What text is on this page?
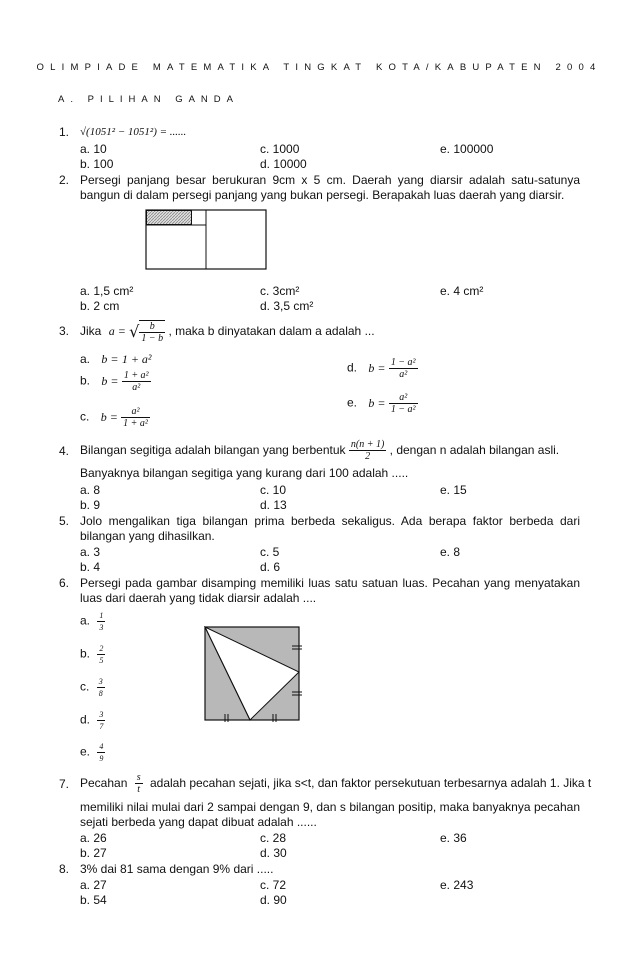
OLIMPIADE MATEMATIKA TINGKAT KOTA/KABUPATEN 2004
A. PILIHAN GANDA
1. √(1051² − 1051²) = ......
a. 10	c. 1000	e. 100000
b. 100	d. 10000
2. Persegi panjang besar berukuran 9cm x 5 cm. Daerah yang diarsir adalah satu-satunya bangun di dalam persegi panjang yang bukan persegi. Berapakah luas daerah yang diarsir.
a. 1,5 cm²	c. 3cm²	e. 4 cm²
b. 2 cm	d. 3,5 cm²
3. Jika a = √ $\frac{b}{1 - b}$ , maka b dinyatakan dalam a adalah ...
a. b = 1 + a²
b. $b = \frac{\text{1 + a²}}{\text{a²}}$
c. $b = \frac{\text{a²}}{\text{1 + a²}}$
d. $b = \frac{\text{1 − a²}}{\text{a²}}$
e. $b = \frac{\text{a²}}{\text{1 − a²}}$
4. Bilangan segitiga adalah bilangan yang berbentuk $\frac{n(n + 1)}{2}$ , dengan n adalah bilangan asli.
Banyaknya bilangan segitiga yang kurang dari 100 adalah .....
a. 8	c. 10	e. 15
b. 9	d. 13
5. Jolo mengalikan tiga bilangan prima berbeda sekaligus. Ada berapa faktor berbeda dari bilangan yang dihasilkan.
a. 3	c. 5	e. 8
b. 4	d. 6
6. Persegi pada gambar disamping memiliki luas satu satuan luas. Pecahan yang menyatakan luas dari daerah yang tidak diarsir adalah ....
a. $\frac{1}{3}$
b. $\frac{2}{5}$
c. $\frac{3}{8}$
d. $\frac{3}{7}$
e. $\frac{4}{9}$
7. Pecahan $\frac{s}{t}$ adalah pecahan sejati, jika s<t, dan faktor persekutuan terbesarnya adalah 1. Jika t
memiliki nilai mulai dari 2 sampai dengan 9, dan s bilangan positip, maka banyaknya pecahan sejati berbeda yang dapat dibuat adalah ......
a. 26	c. 28	e. 36
b. 27	d. 30
8. 3% dai 81 sama dengan 9% dari .....
a. 27	c. 72	e. 243
b. 54	d. 90
